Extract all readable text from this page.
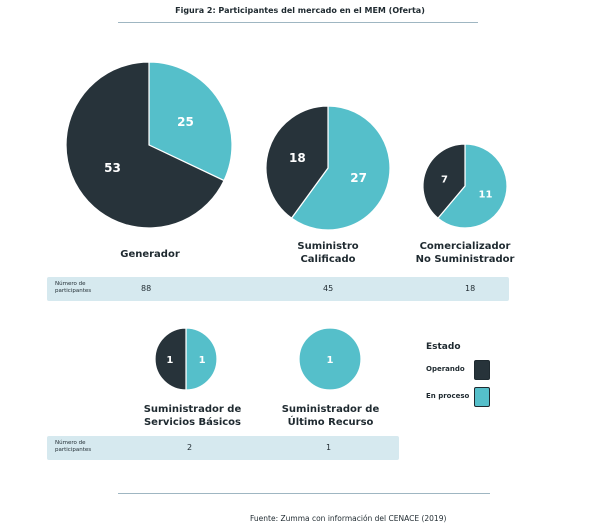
Figura 2: Participantes del mercado en el MEM (Oferta)
25
53
27
18
11
7
1
1	1
Generador
Suministro
Calificado
Comercializador
No Suministrador
Suministrador de
Servicios Básicos
Suministrador de
Último Recurso
Número de
participantes	88	45	18
Número de
participantes	2	1
Estado
Operando
En proceso
Fuente: Zumma con información del CENACE (2019)
